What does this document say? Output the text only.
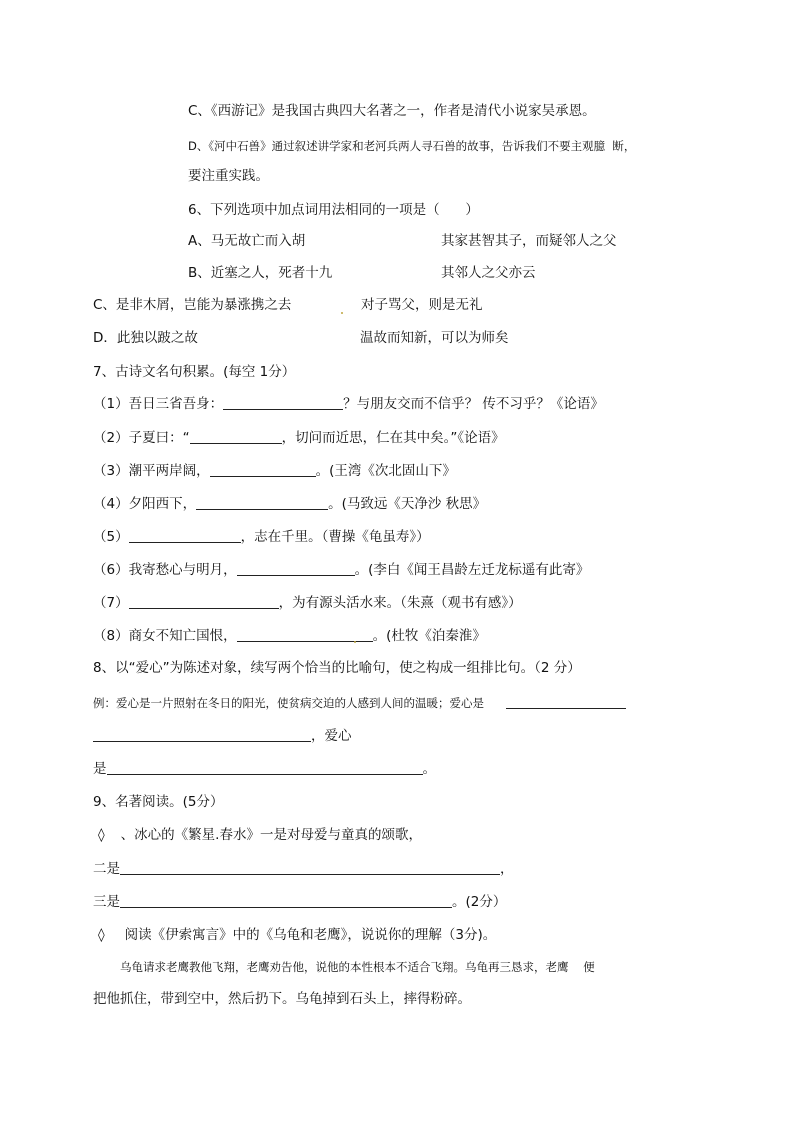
C、《西游记》是我国古典四大名著之一，作者是清代小说家吴承恩。
D、《河中石兽》通过叙述讲学家和老河兵两人寻石兽的故事，告诉我们不要主观臆  断，
要注重实践。
6、下列选项中加点词用法相同的一项是（      ）
A、马无故亡而入胡	其家甚智其子，而疑邻人之父
B、近塞之人，死者十九	其邻人之父亦云
C、是非木屑，岂能为暴涨携之去	对子骂父，则是无礼
D．此独以跛之故	温故而知新，可以为师矣
7、古诗文名句积累。(每空 1分）
（1）吾日三省吾身：	？与朋友交而不信乎？ 传不习乎？《论语》
（2）子夏曰：“	，切问而近思，仁在其中矣。”《论语》
（3）潮平两岸阔，	。(王湾《次北固山下》
（4）夕阳西下，	。(马致远《天净沙 秋思》
（5）	，志在千里。（曹操《龟虽寿》）
（6）我寄愁心与明月，	。(李白《闻王昌龄左迁龙标遥有此寄》
（7）	，为有源头活水来。（朱熹（观书有感》）
（8）商女不知亡国恨，	。(杜牧《泊秦淮》
8、以“爱心”为陈述对象，续写两个恰当的比喻句，使之构成一组排比句。（2 分）
例：爱心是一片照射在冬日的阳光，使贫病交迫的人感到人间的温暖；爱心是
，爱心
是	。
9、名著阅读。(5分）
◊ 、冰心的《繁星.春水》一是对母爱与童真的颂歌，
二是	，
三是	。(2分）
◊ 阅读《伊索寓言》中的《乌龟和老鹰》，说说你的理解（3分)。
乌龟请求老鹰教他飞翔，老鹰劝告他，说他的本性根本不适合飞翔。乌龟再三恳求，老鹰    便
把他抓住，带到空中，然后扔下。乌龟掉到石头上，摔得粉碎。
